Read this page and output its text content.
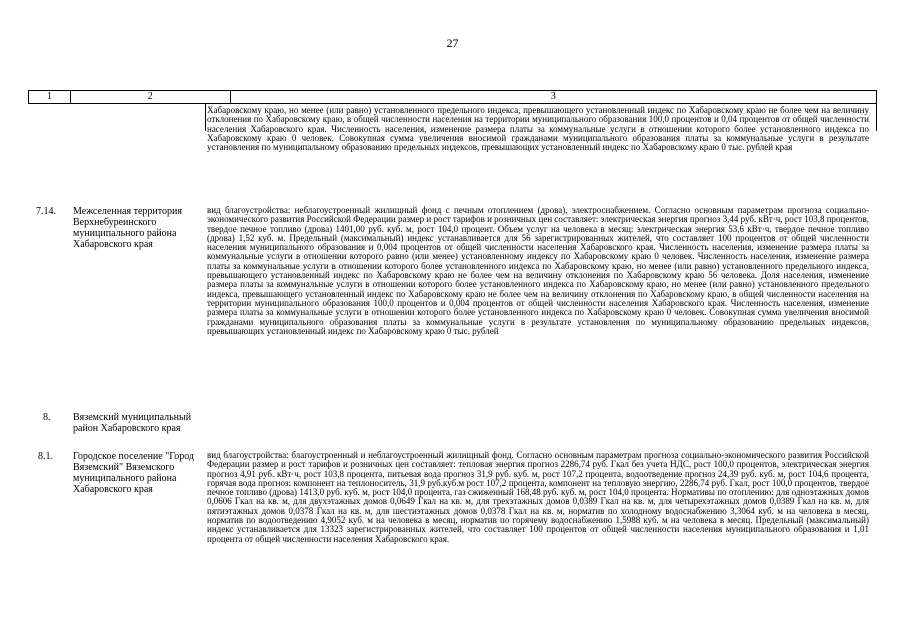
27
1	2	3
Хабаровскому краю, но менее (или равно) установленного предельного индекса, превышающего установленный индекс по Хабаровскому краю не более чем на величину отклонения по Хабаровскому краю, в общей численности населения на территории муниципального образования 100,0 процентов и 0,04 процентов от общей численности населения Хабаровского края. Численность населения, изменение размера платы за коммунальные услуги в отношении которого более установленного индекса по Хабаровскому краю 0 человек. Совокупная сумма увеличения вносимой гражданами муниципального образования платы за коммунальные услуги в результате установления по муниципальному образованию предельных индексов, превышающих установленный индекс по Хабаровскому краю 0 тыс. рублей края
7.14. Межселенная территория Верхнебуреинского муниципального района Хабаровского края
вид благоустройства: неблагоустроенный жилищный фонд с печным отоплением (дрова), электроснабжением. Согласно основным параметрам прогноза социально-экономического развития Российской Федерации размер и рост тарифов и розничных цен составляет: электрическая энергия прогноз 3,44 руб. кВт·ч, рост 103,8 процентов, твердое печное топливо (дрова) 1401,00 руб. куб. м, рост 104,0 процент. Объем услуг на человека в месяц: электрическая энергия 53,6 кВт·ч, твердое печное топливо (дрова) 1,52 куб. м. Предельный (максимальный) индекс устанавливается для 56 зарегистрированных жителей, что составляет 100 процентов от общей численности населения муниципального образования и 0,004 процентов от общей численности населения Хабаровского края. Численность населения, изменение размера платы за коммунальные услуги в отношении которого равно (или менее) установленному индексу по Хабаровскому краю 0 человек. Численность населения, изменение размера платы за коммунальные услуги в отношении которого более установленного индекса по Хабаровскому краю, но менее (или равно) установленного предельного индекса, превышающего установленный индекс по Хабаровскому краю не более чем на величину отклонения по Хабаровскому краю 56 человека. Доля населения, изменение размера платы за коммунальные услуги в отношении которого более установленного индекса по Хабаровскому краю, но менее (или равно) установленного предельного индекса, превышающего установленный индекс по Хабаровскому краю не более чем на величину отклонения по Хабаровскому краю, в общей численности населения на территории муниципального образования 100,0 процентов и 0,004 процентов от общей численности населения Хабаровского края. Численность населения, изменение размера платы за коммунальные услуги в отношении которого более установленного индекса по Хабаровскому краю 0 человек. Совокупная сумма увеличения вносимой гражданами муниципального образования платы за коммунальные услуги в результате установления по муниципальному образованию предельных индексов, превышающих установленный индекс по Хабаровскому краю 0 тыс. рублей
8. Вяземский муниципальный район Хабаровского края
8.1. Городское поселение "Город Вяземский" Вяземского муниципального района Хабаровского края
вид благоустройства: благоустроенный и неблагоустроенный жилищный фонд. Согласно основным параметрам прогноза социально-экономического развития Российской Федерации размер и рост тарифов и розничных цен составляет: тепловая энергия прогноз 2286,74 руб. Гкал без учета НДС, рост 100,0 процентов, электрическая энергия прогноз 4,91 руб. кВт·ч, рост 103,8 процента, питьевая вода прогноз 31,9 руб. куб. м, рост 107,2 процента, водоотведение прогноз 24,39 руб. куб. м, рост 104,6 процента, горячая вода прогноз: компонент на теплоноситель, 31,9 руб.куб.м рост 107,2 процента, компонент на тепловую энергию, 2286,74 руб. Гкал, рост 100,0 процентов, твердое печное топливо (дрова) 1413,0 руб. куб. м, рост 104,0 процента, газ сжиженный 168,48 руб. куб. м, рост 104,0 процента. Нормативы по отоплению: для одноэтажных домов 0,0606 Гкал на кв. м, для двухэтажных домов 0,0649 Гкал на кв. м, для трехэтажных домов 0,0389 Гкал на кв. м, для четырехэтажных домов 0,0389 Гкал на кв. м, для пятиэтажных домов 0,0378 Гкал на кв. м, для шестиэтажных домов 0,0378 Гкал на кв. м, норматив по холодному водоснабжению 3,3064 куб. м на человека в месяц, норматив по водоотведению 4,9052 куб. м на человека в месяц, норматив по горячему водоснабжению 1,5988 куб. м на человека в месяц. Предельный (максимальный) индекс устанавливается для 13323 зарегистрированных жителей, что составляет 100 процентов от общей численности населения муниципального образования и 1,01 процента от общей численности населения Хабаровского края.
